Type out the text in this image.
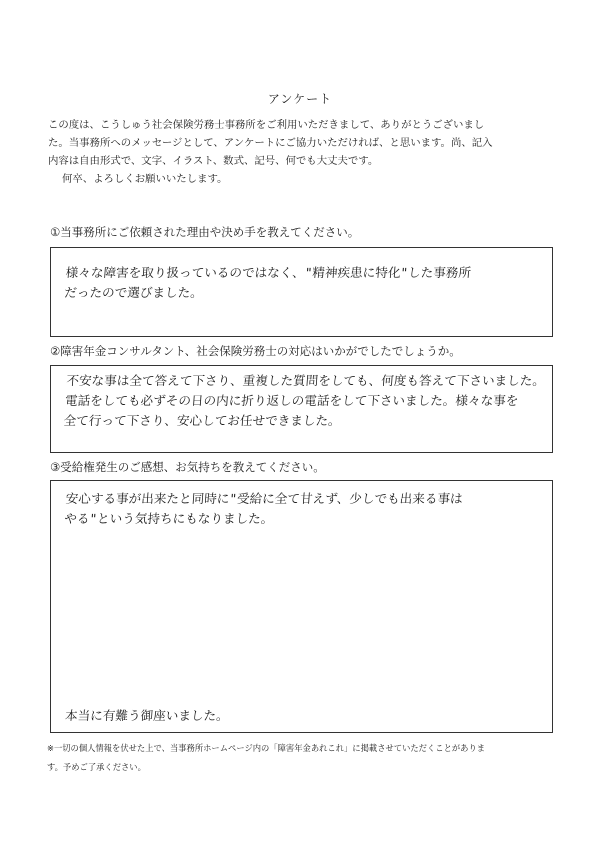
アンケート
この度は、こうしゅう社会保険労務士事務所をご利用いただきまして、ありがとうございまし
た。当事務所へのメッセージとして、アンケートにご協力いただければ、と思います。尚、記入
内容は自由形式で、文字、イラスト、数式、記号、何でも大丈夫です。
何卒、よろしくお願いいたします。
①当事務所にご依頼された理由や決め手を教えてください。
様々な障害を取り扱っているのではなく、"精神疾患に特化"した事務所
だったので選びました。
②障害年金コンサルタント、社会保険労務士の対応はいかがでしたでしょうか。
不安な事は全て答えて下さり、重複した質問をしても、何度も答えて下さいました。
電話をしても必ずその日の内に折り返しの電話をして下さいました。様々な事を
全て行って下さり、安心してお任せできました。
③受給権発生のご感想、お気持ちを教えてください。
安心する事が出来たと同時に"受給に全て甘えず、少しでも出来る事は
やる"という気持ちにもなりました。
本当に有難う御座いました。
※一切の個人情報を伏せた上で、当事務所ホームページ内の「障害年金あれこれ」に掲載させていただくことがありま
す。予めご了承ください。
